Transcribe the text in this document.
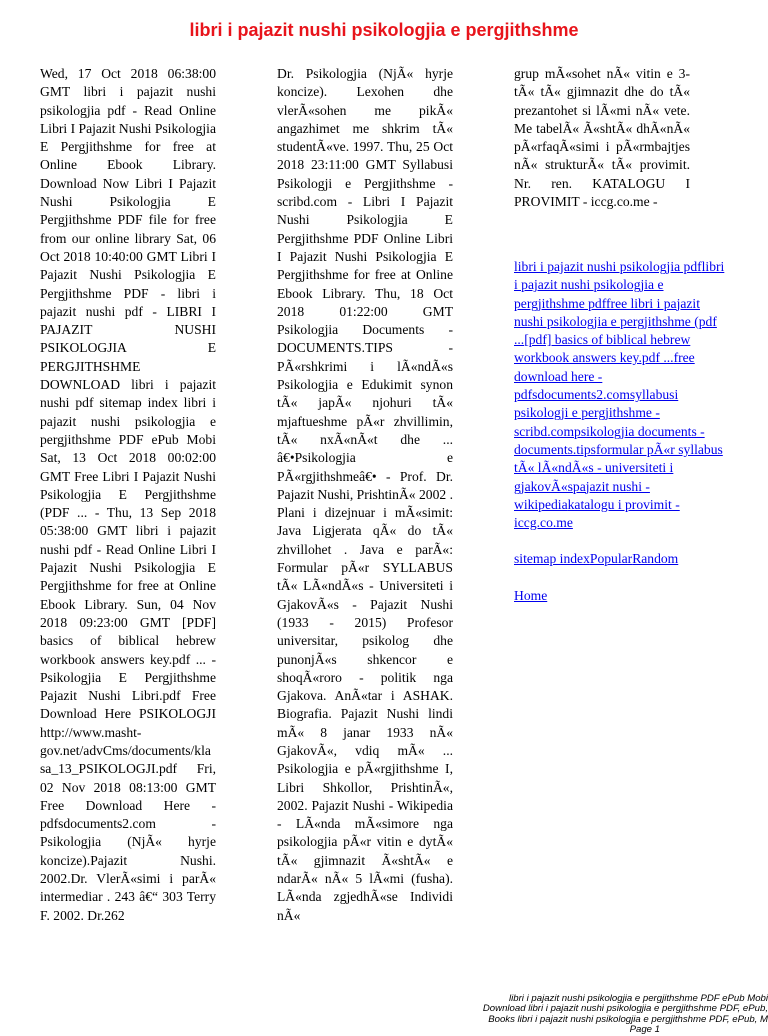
libri i pajazit nushi psikologjia e pergjithshme
Wed, 17 Oct 2018 06:38:00 GMT libri i pajazit nushi psikologjia pdf - Read Online Libri I Pajazit Nushi Psikologjia E Pergjithshme for free at Online Ebook Library. Download Now Libri I Pajazit Nushi Psikologjia E Pergjithshme PDF file for free from our online library Sat, 06 Oct 2018 10:40:00 GMT Libri I Pajazit Nushi Psikologjia E Pergjithshme PDF - libri i pajazit nushi pdf - LIBRI I PAJAZIT NUSHI PSIKOLOGJIA E PERGJITHSHME DOWNLOAD libri i pajazit nushi pdf sitemap index libri i pajazit nushi psikologjia e pergjithshme PDF ePub Mobi Sat, 13 Oct 2018 00:02:00 GMT Free Libri I Pajazit Nushi Psikologjia E Pergjithshme (PDF ... - Thu, 13 Sep 2018 05:38:00 GMT libri i pajazit nushi pdf - Read Online Libri I Pajazit Nushi Psikologjia E Pergjithshme for free at Online Ebook Library. Sun, 04 Nov 2018 09:23:00 GMT [PDF] basics of biblical hebrew workbook answers key.pdf ... - Psikologjia E Pergjithshme Pajazit Nushi Libri.pdf Free Download Here PSIKOLOGJI http://www.masht-gov.net/advCms/documents/klasa_13_PSIKOLOGJI.pdf Fri, 02 Nov 2018 08:13:00 GMT Free Download Here - pdfsdocuments2.com - Psikologjia (NjÃ« hyrje koncize).Pajazit Nushi. 2002.Dr. VlerÃ«simi i parÃ« intermediar . 243 â€“ 303 Terry F. 2002. Dr.262
Dr. Psikologjia (NjÃ« hyrje koncize). Lexohen dhe vlerÃ«sohen me pikÃ« angazhimet me shkrim tÃ« studentÃ«ve. 1997. Thu, 25 Oct 2018 23:11:00 GMT Syllabusi Psikologji e Pergjithshme - scribd.com - Libri I Pajazit Nushi Psikologjia E Pergjithshme PDF Online Libri I Pajazit Nushi Psikologjia E Pergjithshme for free at Online Ebook Library. Thu, 18 Oct 2018 01:22:00 GMT Psikologjia Documents - DOCUMENTS.TIPS - PÃ«rshkrimi i lÃ«ndÃ«s Psikologjia e Edukimit synon tÃ« japÃ« njohuri tÃ« mjaftueshme pÃ«r zhvillimin, tÃ« nxÃ«nÃ«t dhe ... â€•Psikologjia e PÃ«rgjithshmeâ€• - Prof. Dr. Pajazit Nushi, PrishtinÃ« 2002 . Plani i dizejnuar i mÃ«simit: Java Ligjerata qÃ« do tÃ« zhvillohet . Java e parÃ«: Formular pÃ«r SYLLABUS tÃ« LÃ«ndÃ«s - Universiteti i GjakovÃ«s - Pajazit Nushi (1933 - 2015) Profesor universitar, psikolog dhe punonjÃ«s shkencor e shoqÃ«roro - politik nga Gjakova. AnÃ«tar i ASHAK. Biografia. Pajazit Nushi lindi mÃ« 8 janar 1933 nÃ« GjakovÃ«, vdiq mÃ« ... Psikologjia e pÃ«rgjithshme I, Libri Shkollor, PrishtinÃ«, 2002. Pajazit Nushi - Wikipedia - LÃ«nda mÃ«simore nga psikologjia pÃ«r vitin e dytÃ« tÃ« gjimnazit Ã«shtÃ« e ndarÃ« nÃ« 5 lÃ«mi (fusha). LÃ«nda zgjedhÃ«se Individi nÃ«
grup mÃ«sohet nÃ« vitin e 3-tÃ« tÃ« gjimnazit dhe do tÃ« prezantohet si lÃ«mi nÃ« vete. Me tabelÃ« Ã«shtÃ« dhÃ«nÃ« pÃ«rfaqÃ«simi i pÃ«rmbajtjes nÃ« strukturÃ« tÃ« provimit. Nr. ren. KATALOGU I PROVIMIT - iccg.co.me -
libri i pajazit nushi psikologjia pdflibri i pajazit nushi psikologjia e pergjithshme pdffree libri i pajazit nushi psikologjia e pergjithshme (pdf ...[pdf] basics of biblical hebrew workbook answers key.pdf ...free download here - pdfsdocuments2.comsyllabusi psikologji e pergjithshme - scribd.compsikologjia documents - documents.tipsformular pÃ«r syllabus tÃ« lÃ«ndÃ«s - universiteti i gjakovÃ«spajazit nushi - wikipediakatalogu i provimit - iccg.co.me
sitemap indexPopularRandom
Home
libri i pajazit nushi psikologjia e pergjithshme PDF ePub Mobi
Download libri i pajazit nushi psikologjia e pergjithshme PDF, ePub,
Books libri i pajazit nushi psikologjia e pergjithshme PDF, ePub, M
Page 1
